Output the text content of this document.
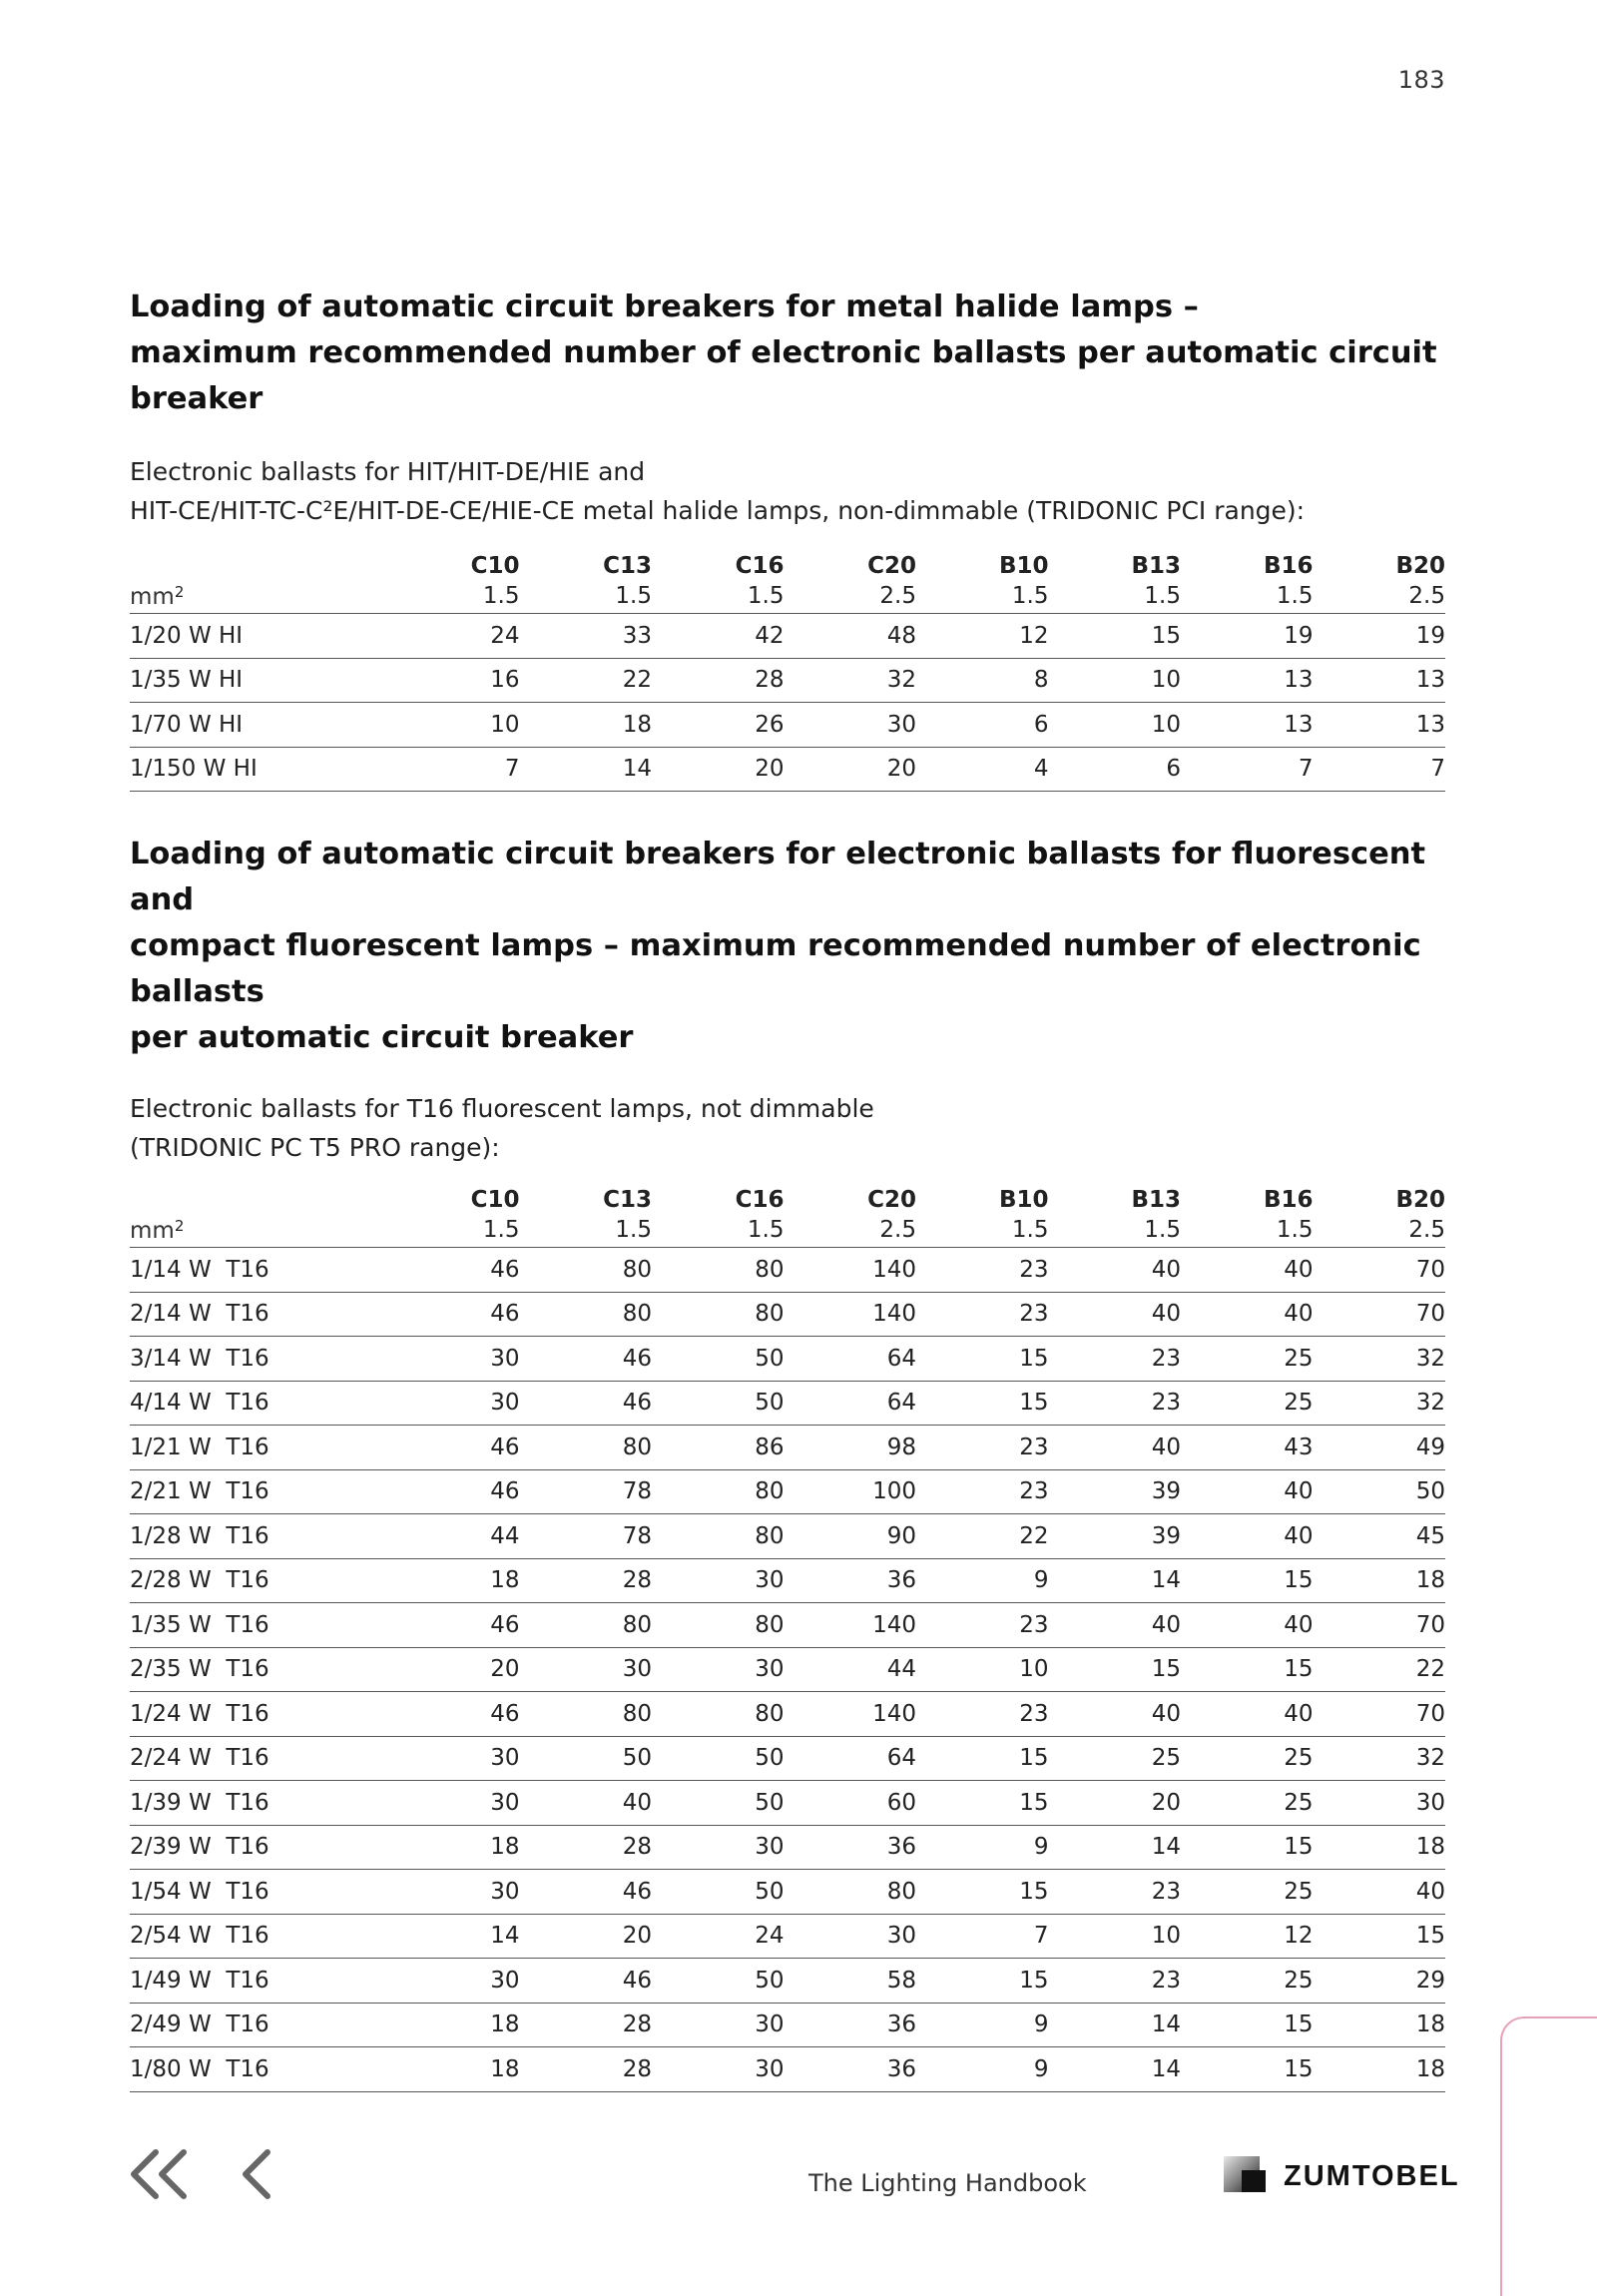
183
Loading of automatic circuit breakers for metal halide lamps –
maximum recommended number of electronic ballasts per automatic circuit breaker

Electronic ballasts for HIT/HIT-DE/HIE and
HIT-CE/HIT-TC-C²E/HIT-DE-CE/HIE-CE metal halide lamps, non-dimmable (TRIDONIC PCI range):

	C10	C13	C16	C20	B10	B13	B16	B20
$mm^2$	1.5	1.5	1.5	2.5	1.5	1.5	1.5	2.5
1/20 W HI	24	33	42	48	12	15	19	19
1/35 W HI	16	22	28	32	8	10	13	13
1/70 W HI	10	18	26	30	6	10	13	13
1/150 W HI	7	14	20	20	4	6	7	7
Loading of automatic circuit breakers for electronic ballasts for fluorescent and
compact fluorescent lamps – maximum recommended number of electronic ballasts
per automatic circuit breaker

Electronic ballasts for T16 fluorescent lamps, not dimmable
(TRIDONIC PC T5 PRO range):

	C10	C13	C16	C20	B10	B13	B16	B20
$mm^2$	1.5	1.5	1.5	2.5	1.5	1.5	1.5	2.5
1/14 W  T16	46	80	80	140	23	40	40	70
2/14 W  T16	46	80	80	140	23	40	40	70
3/14 W  T16	30	46	50	64	15	23	25	32
4/14 W  T16	30	46	50	64	15	23	25	32
1/21 W  T16	46	80	86	98	23	40	43	49
2/21 W  T16	46	78	80	100	23	39	40	50
1/28 W  T16	44	78	80	90	22	39	40	45
2/28 W  T16	18	28	30	36	9	14	15	18
1/35 W  T16	46	80	80	140	23	40	40	70
2/35 W  T16	20	30	30	44	10	15	15	22
1/24 W  T16	46	80	80	140	23	40	40	70
2/24 W  T16	30	50	50	64	15	25	25	32
1/39 W  T16	30	40	50	60	15	20	25	30
2/39 W  T16	18	28	30	36	9	14	15	18
1/54 W  T16	30	46	50	80	15	23	25	40
2/54 W  T16	14	20	24	30	7	10	12	15
1/49 W  T16	30	46	50	58	15	23	25	29
2/49 W  T16	18	28	30	36	9	14	15	18
1/80 W  T16	18	28	30	36	9	14	15	18
The Lighting Handbook	ZUMTOBEL
